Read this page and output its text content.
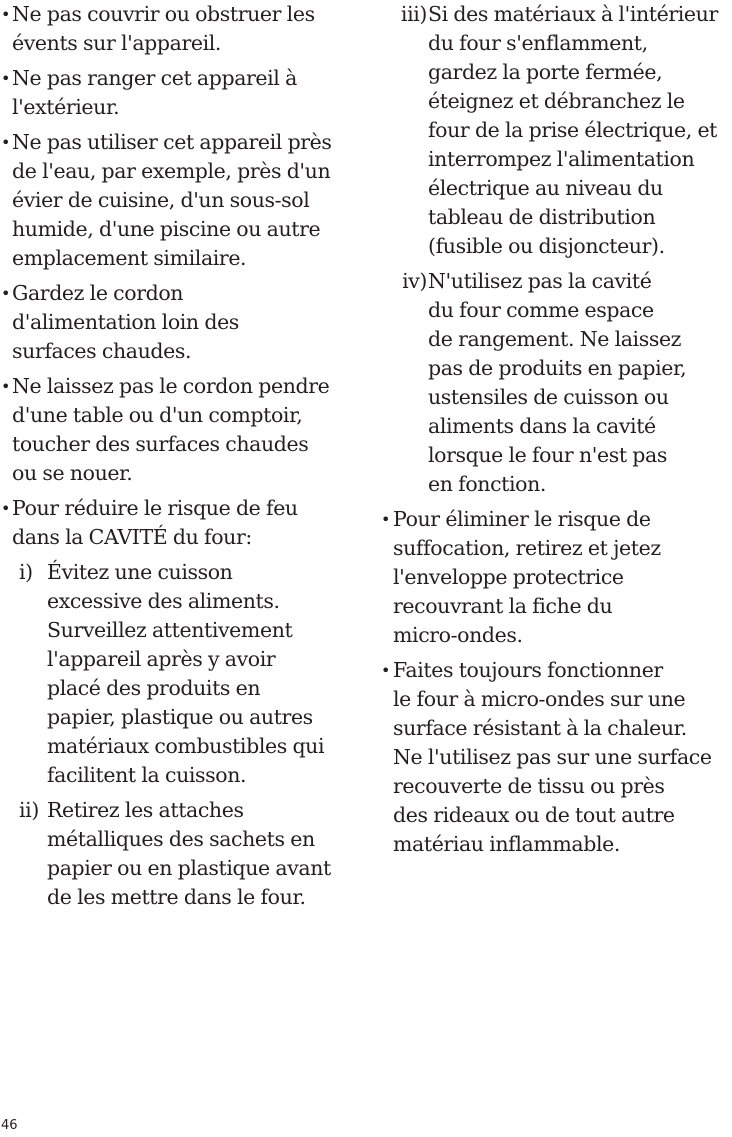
• Ne pas couvrir ou obstruer les
évents sur l'appareil.
• Ne pas ranger cet appareil à
l'extérieur.
• Ne pas utiliser cet appareil près
de l'eau, par exemple, près d'un
évier de cuisine, d'un sous-sol
humide, d'une piscine ou autre
emplacement similaire.
• Gardez le cordon
d'alimentation loin des
surfaces chaudes.
• Ne laissez pas le cordon pendre
d'une table ou d'un comptoir,
toucher des surfaces chaudes
ou se nouer.
• Pour réduire le risque de feu
dans la CAVITÉ du four:
i) Évitez une cuisson
excessive des aliments.
Surveillez attentivement
l'appareil après y avoir
placé des produits en
papier, plastique ou autres
matériaux combustibles qui
facilitent la cuisson.
ii) Retirez les attaches
métalliques des sachets en
papier ou en plastique avant
de les mettre dans le four.
iii) Si des matériaux à l'intérieur
du four s'enflamment,
gardez la porte fermée,
éteignez et débranchez le
four de la prise électrique, et
interrompez l'alimentation
électrique au niveau du
tableau de distribution
(fusible ou disjoncteur).
iv) N'utilisez pas la cavité
du four comme espace
de rangement. Ne laissez
pas de produits en papier,
ustensiles de cuisson ou
aliments dans la cavité
lorsque le four n'est pas
en fonction.
• Pour éliminer le risque de
suffocation, retirez et jetez
l'enveloppe protectrice
recouvrant la fiche du
micro-ondes.
• Faites toujours fonctionner
le four à micro-ondes sur une
surface résistant à la chaleur.
Ne l'utilisez pas sur une surface
recouverte de tissu ou près
des rideaux ou de tout autre
matériau inflammable.
46
